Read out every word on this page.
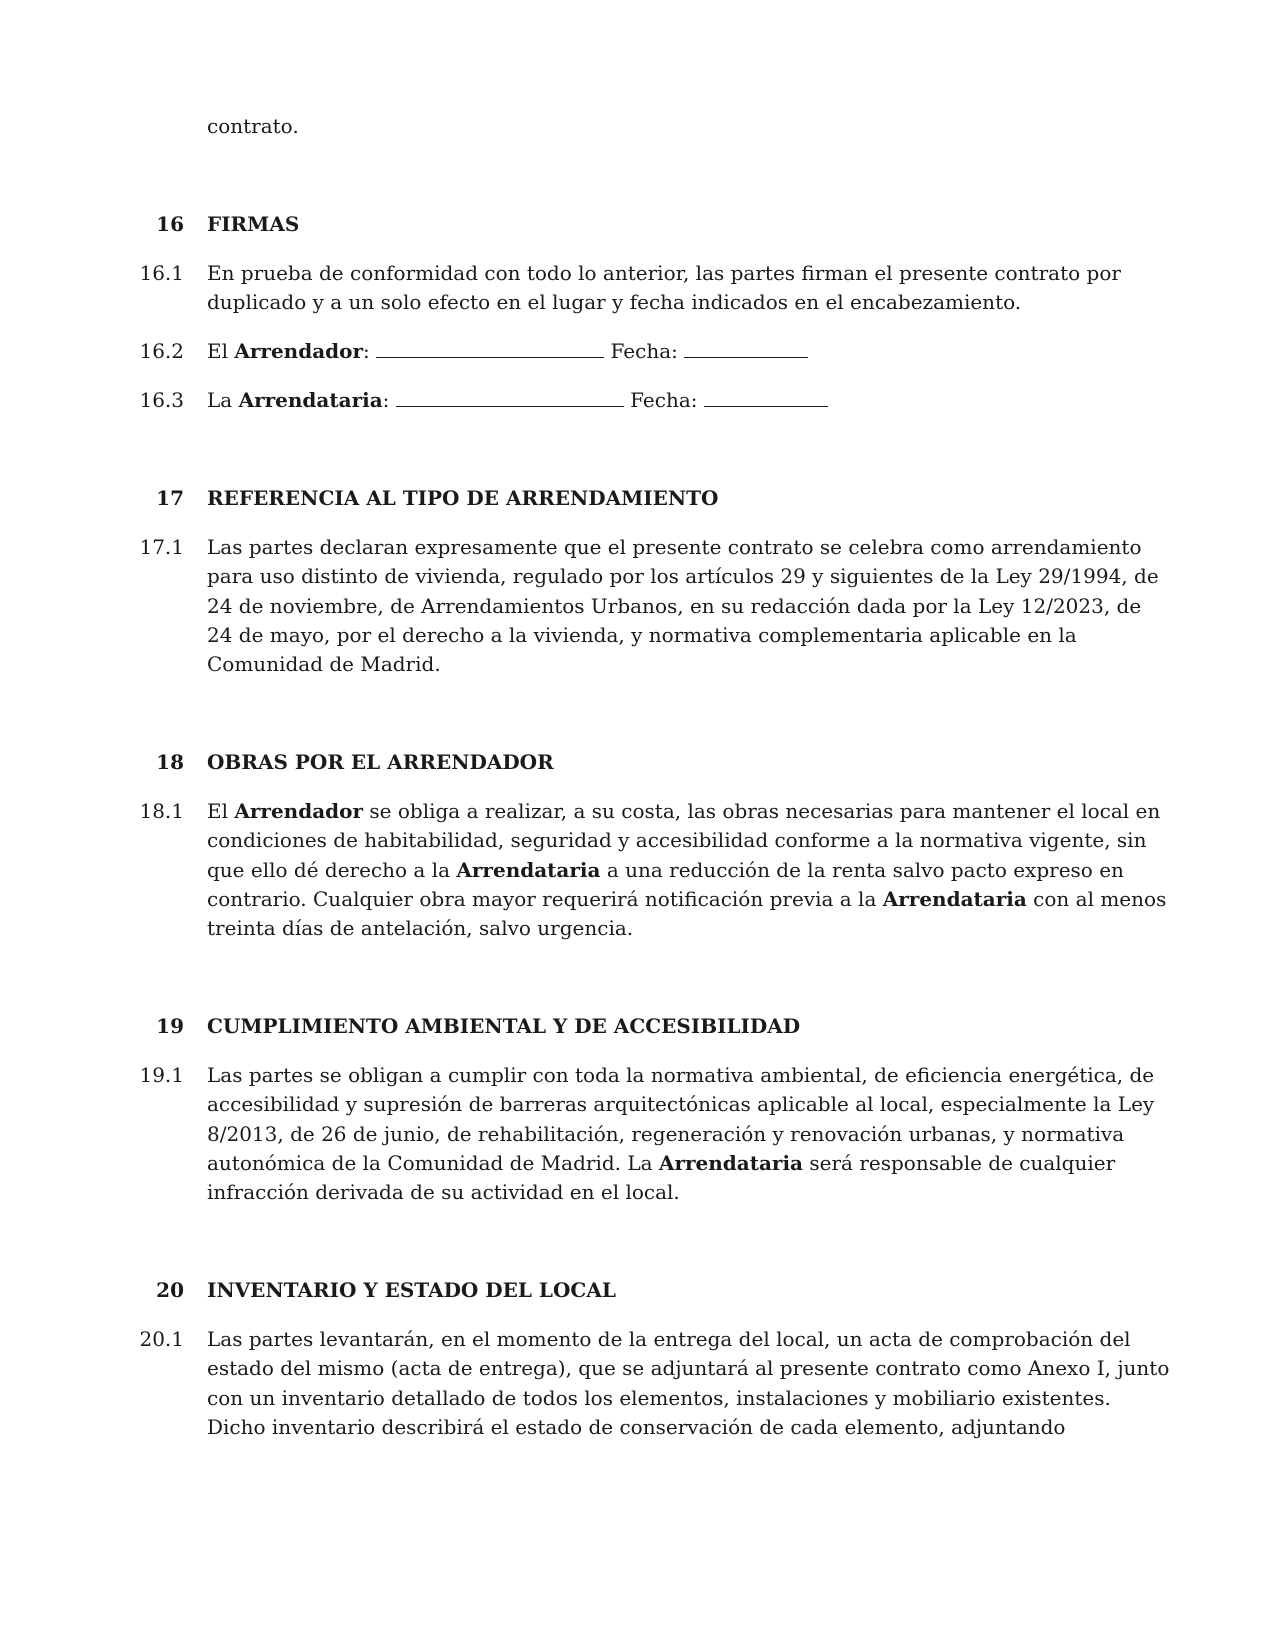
contrato.
16 FIRMAS
16.1 En prueba de conformidad con todo lo anterior, las partes firman el presente contrato por
duplicado y a un solo efecto en el lugar y fecha indicados en el encabezamiento.
16.2 El Arrendador:	Fecha:
16.3 La Arrendataria:	Fecha:
17 REFERENCIA AL TIPO DE ARRENDAMIENTO
17.1 Las partes declaran expresamente que el presente contrato se celebra como arrendamiento
para uso distinto de vivienda, regulado por los artículos 29 y siguientes de la Ley 29/1994, de
24 de noviembre, de Arrendamientos Urbanos, en su redacción dada por la Ley 12/2023, de
24 de mayo, por el derecho a la vivienda, y normativa complementaria aplicable en la
Comunidad de Madrid.
18 OBRAS POR EL ARRENDADOR
18.1 El Arrendador se obliga a realizar, a su costa, las obras necesarias para mantener el local en
condiciones de habitabilidad, seguridad y accesibilidad conforme a la normativa vigente, sin
que ello dé derecho a la Arrendataria a una reducción de la renta salvo pacto expreso en
contrario. Cualquier obra mayor requerirá notificación previa a la Arrendataria con al menos
treinta días de antelación, salvo urgencia.
19 CUMPLIMIENTO AMBIENTAL Y DE ACCESIBILIDAD
19.1 Las partes se obligan a cumplir con toda la normativa ambiental, de eficiencia energética, de
accesibilidad y supresión de barreras arquitectónicas aplicable al local, especialmente la Ley
8/2013, de 26 de junio, de rehabilitación, regeneración y renovación urbanas, y normativa
autonómica de la Comunidad de Madrid. La Arrendataria será responsable de cualquier
infracción derivada de su actividad en el local.
20 INVENTARIO Y ESTADO DEL LOCAL
20.1 Las partes levantarán, en el momento de la entrega del local, un acta de comprobación del
estado del mismo (acta de entrega), que se adjuntará al presente contrato como Anexo I, junto
con un inventario detallado de todos los elementos, instalaciones y mobiliario existentes.
Dicho inventario describirá el estado de conservación de cada elemento, adjuntando
